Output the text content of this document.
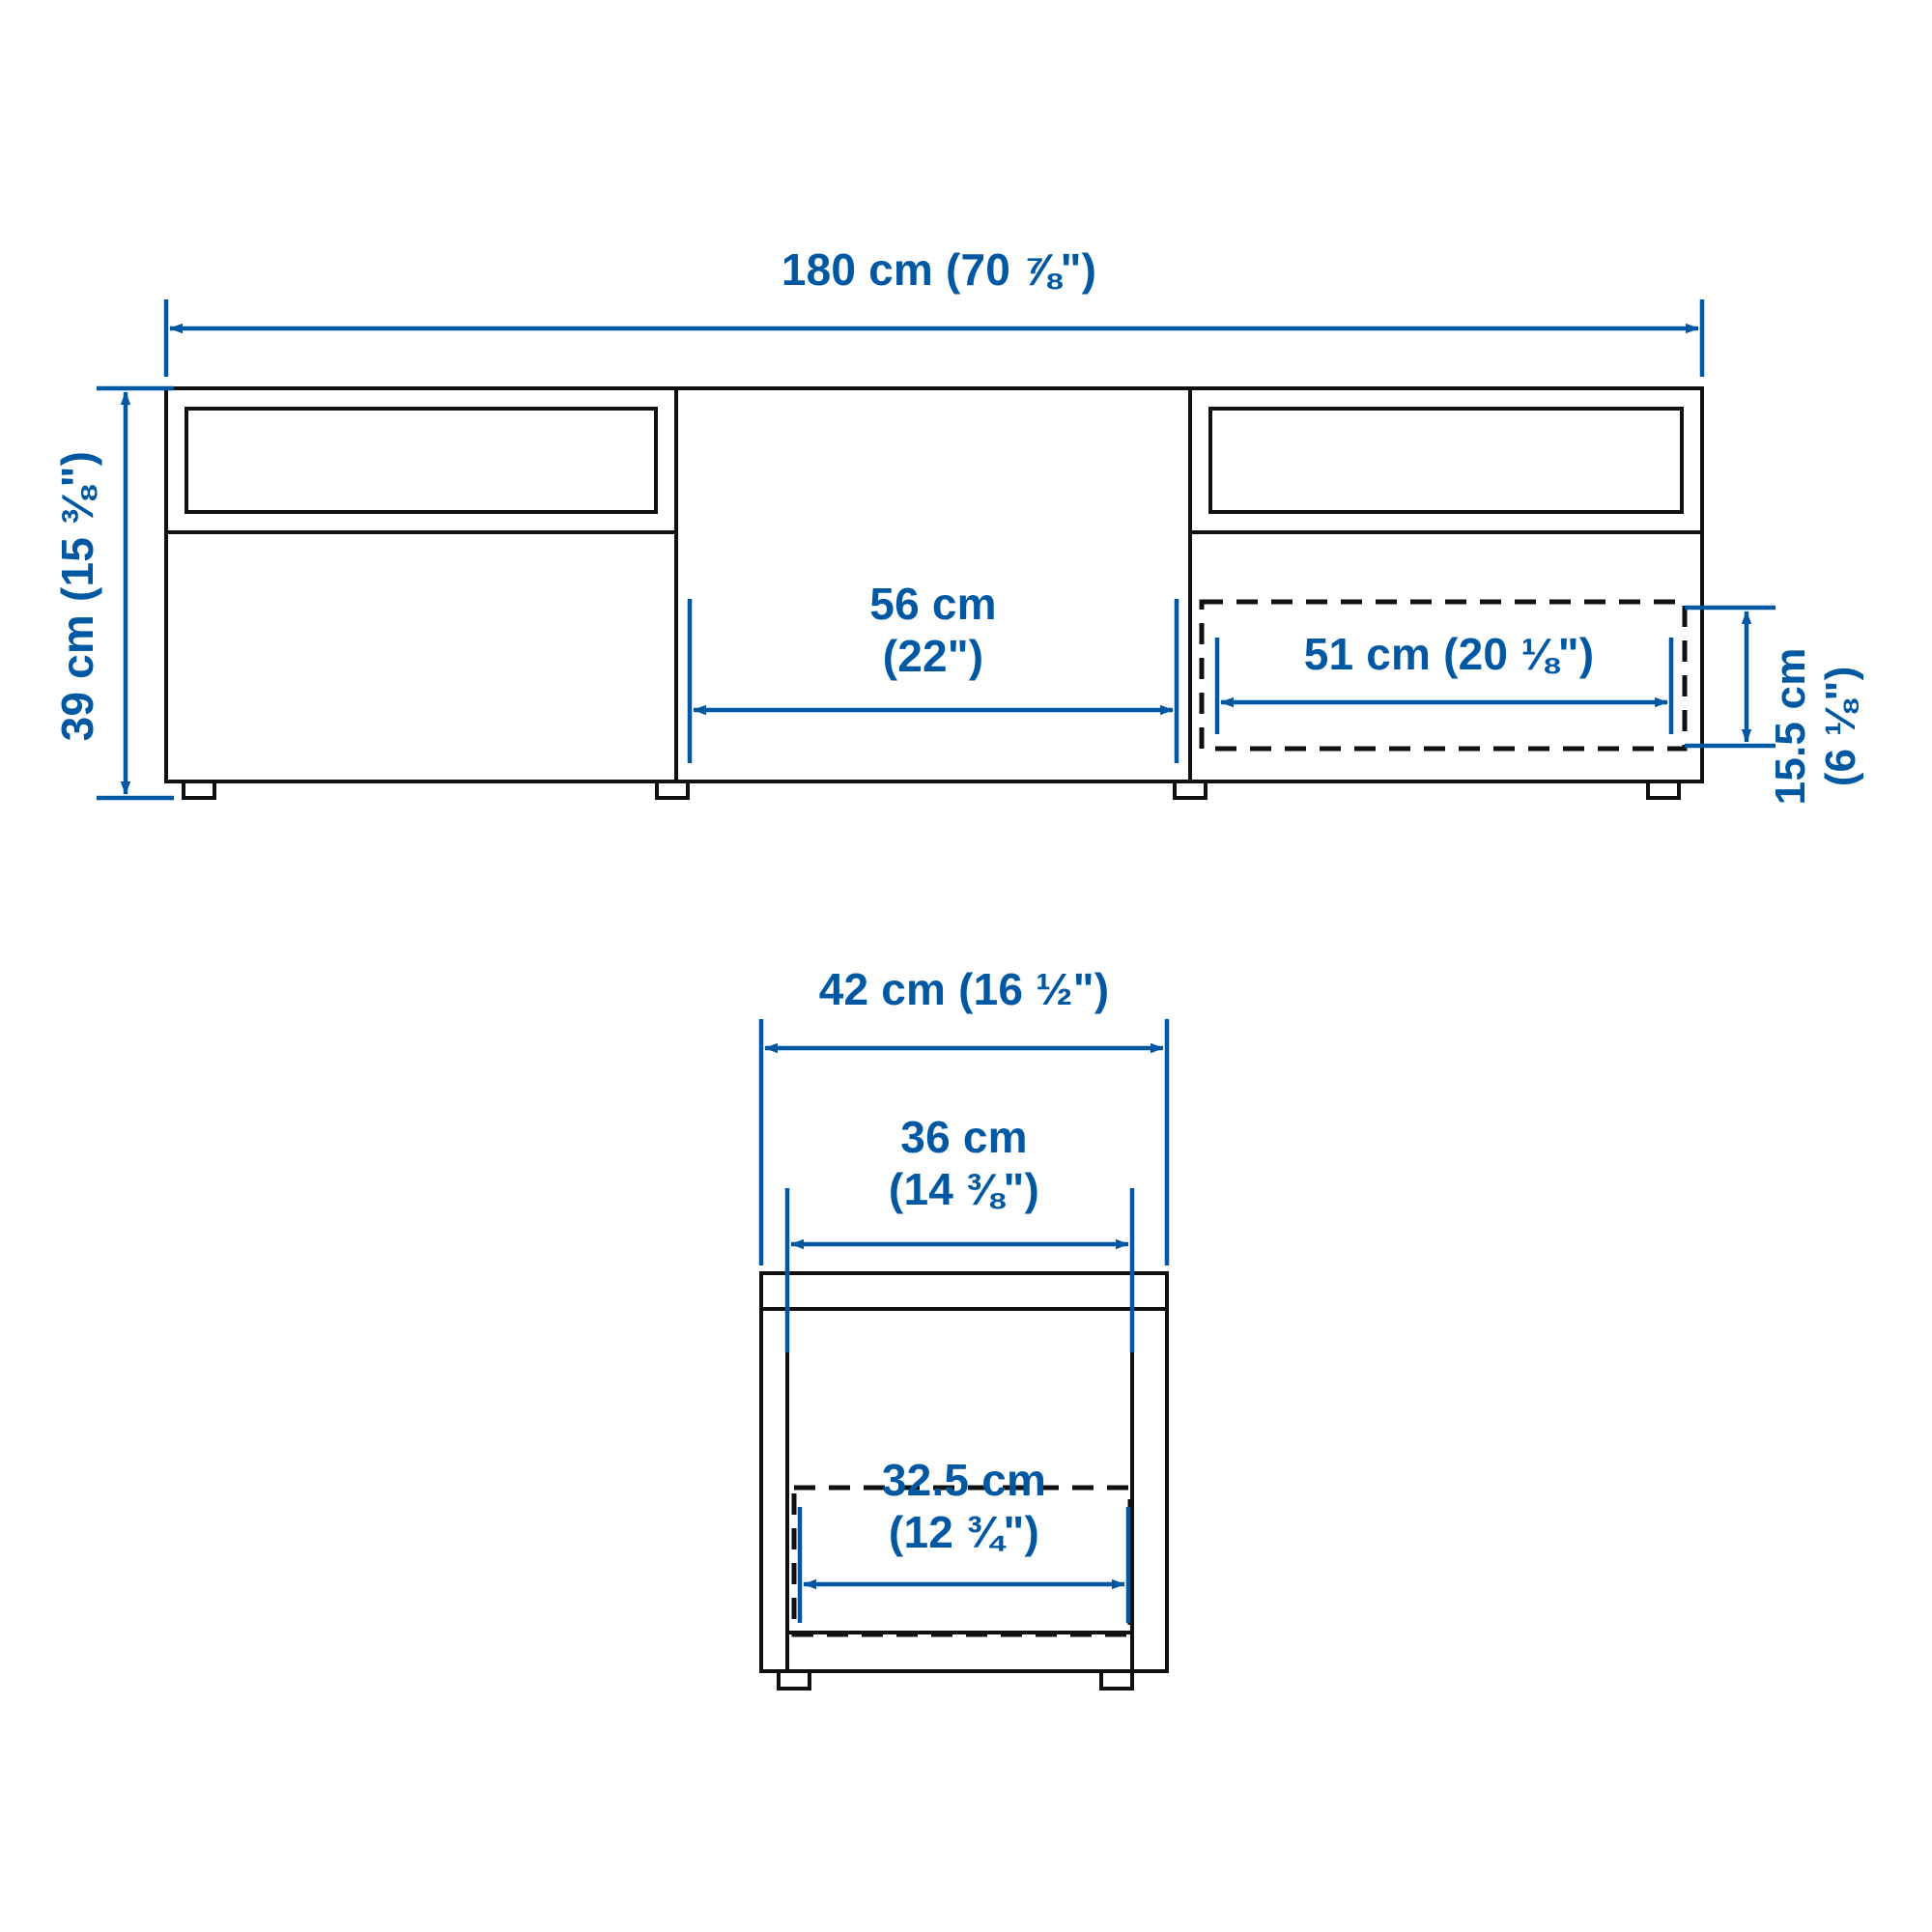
180 cm (70 ⅞")
39 cm (15 ⅜")	56 cm
(22")	51 cm (20 ⅛")	15.5 cm
(6 ⅛")
42 cm (16 ½")
36 cm
(14 ⅜")
32.5 cm
(12 ¾")
